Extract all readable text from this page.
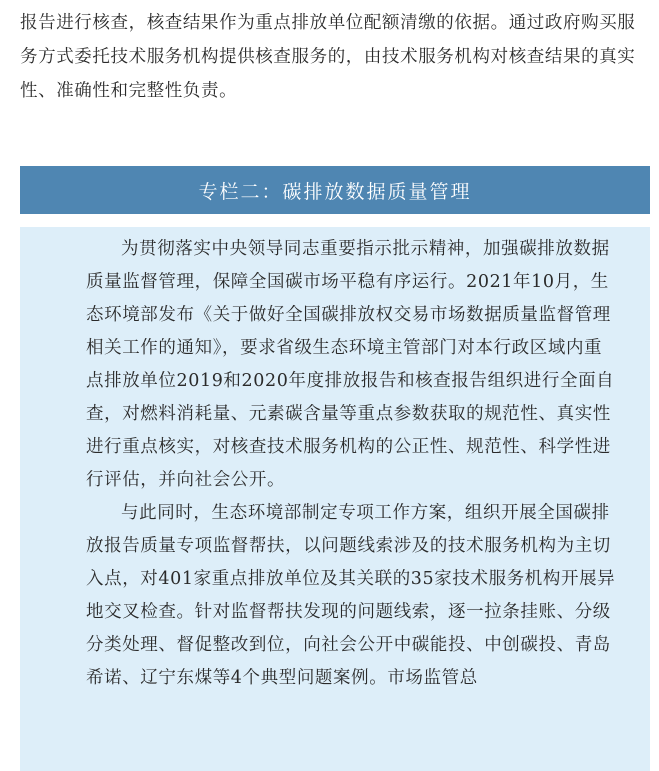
报告进行核查，核查结果作为重点排放单位配额清缴的依据。通过政府购买服务方式委托技术服务机构提供核查服务的，由技术服务机构对核查结果的真实性、准确性和完整性负责。

专栏二：碳排放数据质量管理

为贯彻落实中央领导同志重要指示批示精神，加强碳排放数据质量监督管理，保障全国碳市场平稳有序运行。2021年10月，生态环境部发布《关于做好全国碳排放权交易市场数据质量监督管理相关工作的通知》，要求省级生态环境主管部门对本行政区域内重点排放单位2019和2020年度排放报告和核查报告组织进行全面自查，对燃料消耗量、元素碳含量等重点参数获取的规范性、真实性进行重点核实，对核查技术服务机构的公正性、规范性、科学性进行评估，并向社会公开。

与此同时，生态环境部制定专项工作方案，组织开展全国碳排放报告质量专项监督帮扶，以问题线索涉及的技术服务机构为主切入点，对401家重点排放单位及其关联的35家技术服务机构开展异地交叉检查。针对监督帮扶发现的问题线索，逐一拉条挂账、分级分类处理、督促整改到位，向社会公开中碳能投、中创碳投、青岛希诺、辽宁东煤等4个典型问题案例。市场监管总
